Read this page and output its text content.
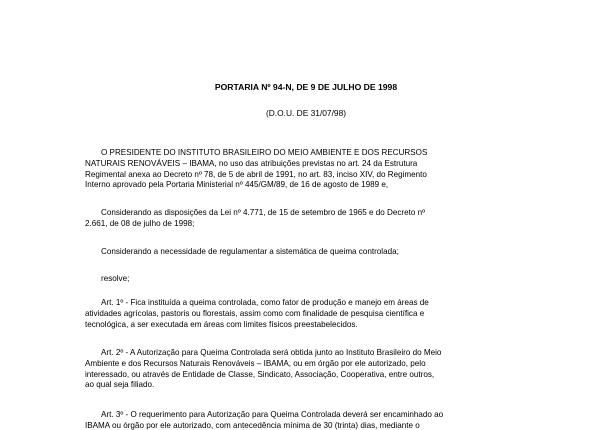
PORTARIA Nº 94-N, DE 9 DE JULHO DE 1998
(D.O.U. DE 31/07/98)
O PRESIDENTE DO INSTITUTO BRASILEIRO DO MEIO AMBIENTE E DOS RECURSOS
NATURAIS RENOVÁVEIS – IBAMA, no uso das atribuições previstas no art. 24 da Estrutura
Regimental anexa ao Decreto nº 78, de 5 de abril de 1991, no art. 83, inciso XIV, do Regimento
Interno aprovado pela Portaria Ministerial nº 445/GM/89, de 16 de agosto de 1989 e,
Considerando as disposições da Lei nº 4.771, de 15 de setembro de 1965 e do Decreto nº
2.661, de 08 de julho de 1998;
Considerando a necessidade de regulamentar a sistemática de queima controlada;
resolve;
Art. 1º - Fica instituída a queima controlada, como fator de produção e manejo em áreas de
atividades agrícolas, pastoris ou florestais, assim como com finalidade de pesquisa científica e
tecnológica, a ser executada em áreas com limites físicos preestabelecidos.
Art. 2º - A Autorização para Queima Controlada será obtida junto ao Instituto Brasileiro do Meio
Ambiente e dos Recursos Naturais Renováveis – IBAMA, ou em órgão por ele autorizado, pelo
interessado, ou através de Entidade de Classe, Sindicato, Associação, Cooperativa, entre outros,
ao qual seja filiado.
Art. 3º - O requerimento para Autorização para Queima Controlada deverá ser encaminhado ao
IBAMA ou órgão por ele autorizado, com antecedência mínima de 30 (trinta) dias, mediante o
